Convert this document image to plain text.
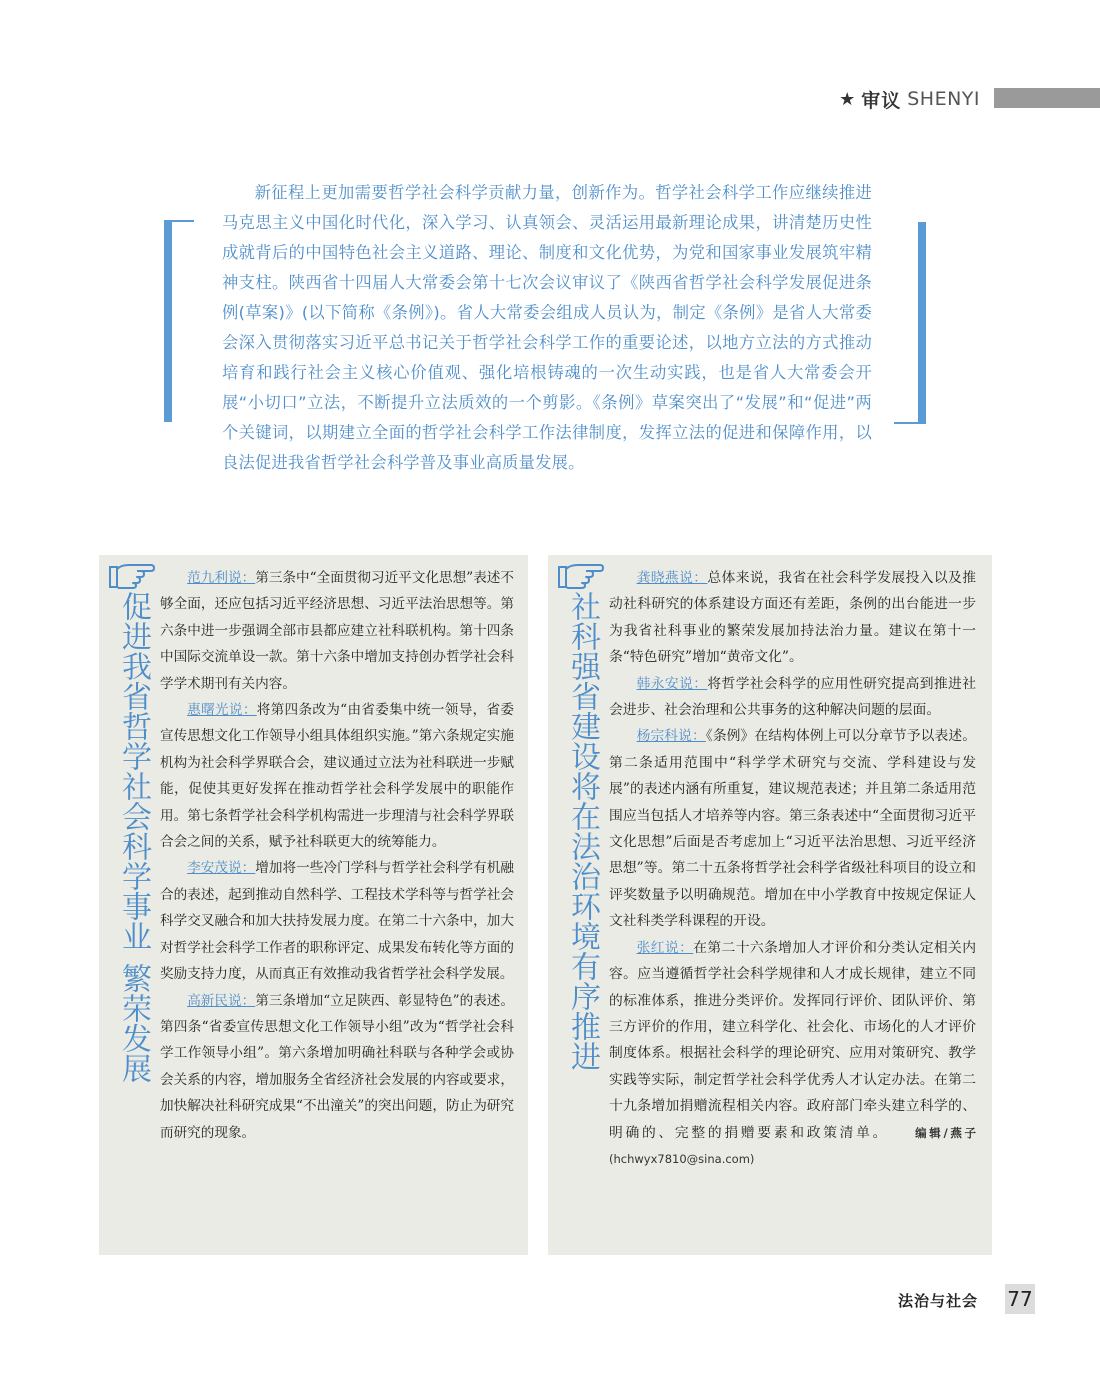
★ 审议 SHENYI

新征程上更加需要哲学社会科学贡献力量，创新作为。哲学社会科学工作应继续推进马克思主义中国化时代化，深入学习、认真领会、灵活运用最新理论成果，讲清楚历史性成就背后的中国特色社会主义道路、理论、制度和文化优势，为党和国家事业发展筑牢精神支柱。陕西省十四届人大常委会第十七次会议审议了《陕西省哲学社会科学发展促进条例(草案)》(以下简称《条例》)。省人大常委会组成人员认为，制定《条例》是省人大常委会深入贯彻落实习近平总书记关于哲学社会科学工作的重要论述，以地方立法的方式推动培育和践行社会主义核心价值观、强化培根铸魂的一次生动实践，也是省人大常委会开展“小切口”立法，不断提升立法质效的一个剪影。《条例》草案突出了“发展”和“促进”两个关键词，以期建立全面的哲学社会科学工作法律制度，发挥立法的促进和保障作用，以良法促进我省哲学社会科学普及事业高质量发展。

促进我省哲学社会科学事业繁荣发展

范九利说：第三条中“全面贯彻习近平文化思想”表述不够全面，还应包括习近平经济思想、习近平法治思想等。第六条中进一步强调全部市县都应建立社科联机构。第十四条中国际交流单设一款。第十六条中增加支持创办哲学社会科学学术期刊有关内容。

惠曙光说：将第四条改为“由省委集中统一领导，省委宣传思想文化工作领导小组具体组织实施。”第六条规定实施机构为社会科学界联合会，建议通过立法为社科联进一步赋能，促使其更好发挥在推动哲学社会科学发展中的职能作用。第七条哲学社会科学机构需进一步理清与社会科学界联合会之间的关系，赋予社科联更大的统筹能力。

李安茂说：增加将一些冷门学科与哲学社会科学有机融合的表述，起到推动自然科学、工程技术学科等与哲学社会科学交叉融合和加大扶持发展力度。在第二十六条中，加大对哲学社会科学工作者的职称评定、成果发布转化等方面的奖励支持力度，从而真正有效推动我省哲学社会科学发展。

高新民说：第三条增加“立足陕西、彰显特色”的表述。第四条“省委宣传思想文化工作领导小组”改为“哲学社会科学工作领导小组”。第六条增加明确社科联与各种学会或协会关系的内容，增加服务全省经济社会发展的内容或要求，加快解决社科研究成果“不出潼关”的突出问题，防止为研究而研究的现象。

社科强省建设将在法治环境有序推进

龚晓燕说：总体来说，我省在社会科学发展投入以及推动社科研究的体系建设方面还有差距，条例的出台能进一步为我省社科事业的繁荣发展加持法治力量。建议在第十一条“特色研究”增加“黄帝文化”。

韩永安说：将哲学社会科学的应用性研究提高到推进社会进步、社会治理和公共事务的这种解决问题的层面。

杨宗科说：《条例》在结构体例上可以分章节予以表述。第二条适用范围中“科学学术研究与交流、学科建设与发展”的表述内涵有所重复，建议规范表述；并且第二条适用范围应当包括人才培养等内容。第三条表述中“全面贯彻习近平文化思想”后面是否考虑加上“习近平法治思想、习近平经济思想”等。第二十五条将哲学社会科学省级社科项目的设立和评奖数量予以明确规范。增加在中小学教育中按规定保证人文社科类学科课程的开设。

张红说：在第二十六条增加人才评价和分类认定相关内容。应当遵循哲学社会科学规律和人才成长规律，建立不同的标准体系，推进分类评价。发挥同行评价、团队评价、第三方评价的作用，建立科学化、社会化、市场化的人才评价制度体系。根据社会科学的理论研究、应用对策研究、教学实践等实际，制定哲学社会科学优秀人才认定办法。在第二十九条增加捐赠流程相关内容。政府部门牵头建立科学的、明确的、完整的捐赠要素和政策清单。 编辑/燕子(hchwyx7810@sina.com)

法治与社会 77
